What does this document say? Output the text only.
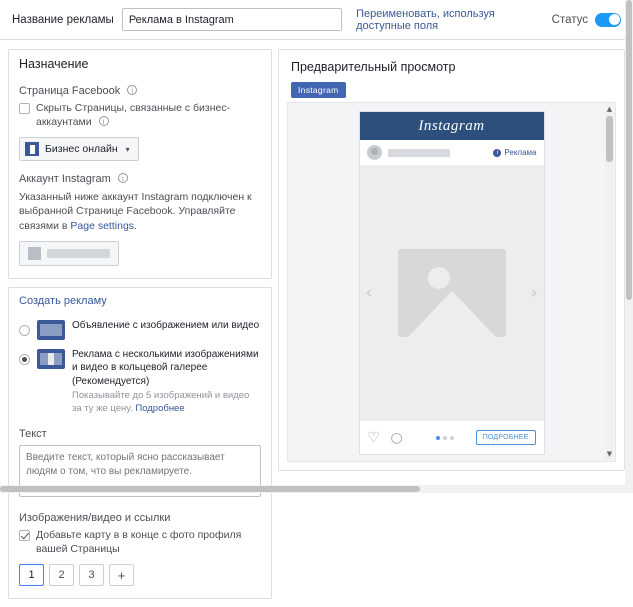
Название рекламы
Реклама в Instagram	Переименовать, используя доступные поля	Статус
Назначение
Страница Facebook i
Скрыть Страницы, связанные с бизнес-аккаунтами i
Бизнес онлайн ▾
Аккаунт Instagram i
Указанный ниже аккаунт Instagram подключен к выбранной Странице Facebook. Управляйте связями в Page settings.
Создать рекламу
Объявление с изображением или видео
Реклама с несколькими изображениями и видео в кольцевой галерее (Рекомендуется)
Показывайте до 5 изображений и видео за ту же цену. Подробнее
Текст
Введите текст, который ясно рассказывает людям о том, что вы рекламируете.
Изображения/видео и ссылки
Добавьте карту в в конце с фото профиля вашей Страницы
1	2	3	+
Предварительный просмотр
Instagram
Instagram
i Реклама
‹	›
♡ ○	ПОДРОБНЕЕ
▲
▼
